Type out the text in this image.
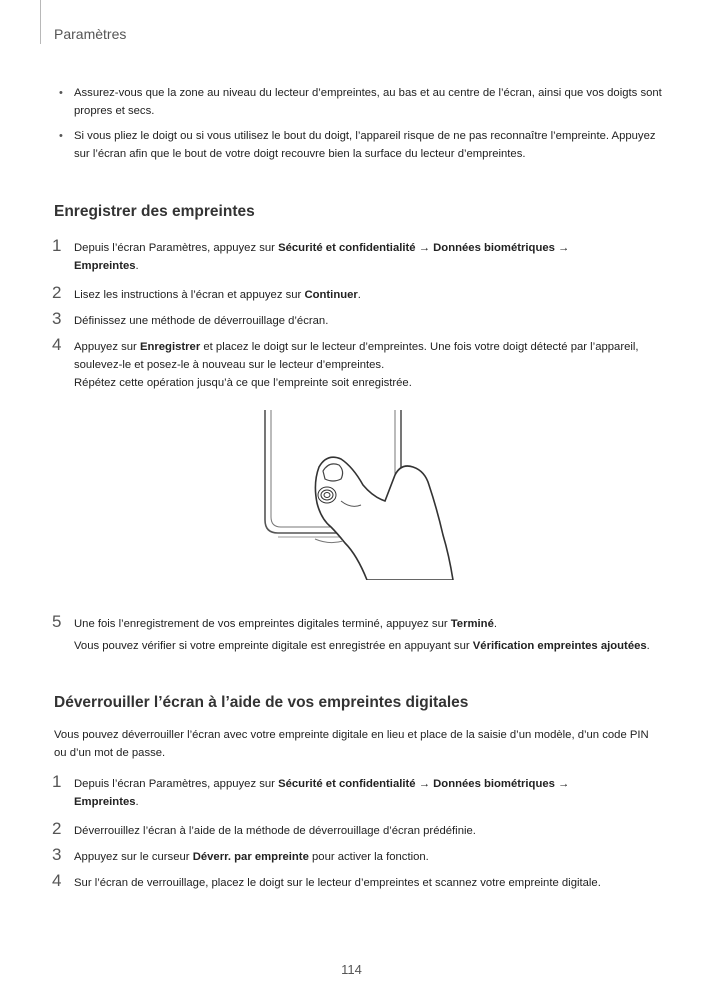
Paramètres
• Assurez-vous que la zone au niveau du lecteur d’empreintes, au bas et au centre de l’écran, ainsi que vos doigts sont propres et secs.
• Si vous pliez le doigt ou si vous utilisez le bout du doigt, l’appareil risque de ne pas reconnaître l’empreinte. Appuyez sur l’écran afin que le bout de votre doigt recouvre bien la surface du lecteur d’empreintes.
Enregistrer des empreintes
1 Depuis l’écran Paramètres, appuyez sur Sécurité et confidentialité → Données biométriques →
Empreintes.

2 Lisez les instructions à l’écran et appuyez sur Continuer.

3 Définissez une méthode de déverrouillage d’écran.

4 Appuyez sur Enregistrer et placez le doigt sur le lecteur d’empreintes. Une fois votre doigt détecté par l’appareil, soulevez-le et posez-le à nouveau sur le lecteur d’empreintes.
Répétez cette opération jusqu’à ce que l’empreinte soit enregistrée.

5 Une fois l’enregistrement de vos empreintes digitales terminé, appuyez sur Terminé.

Vous pouvez vérifier si votre empreinte digitale est enregistrée en appuyant sur Vérification empreintes ajoutées.

Déverrouiller l’écran à l’aide de vos empreintes digitales

Vous pouvez déverrouiller l’écran avec votre empreinte digitale en lieu et place de la saisie d’un modèle, d’un code PIN ou d’un mot de passe.

1 Depuis l’écran Paramètres, appuyez sur Sécurité et confidentialité → Données biométriques →
Empreintes.

2 Déverrouillez l’écran à l’aide de la méthode de déverrouillage d’écran prédéfinie.

3 Appuyez sur le curseur Déverr. par empreinte pour activer la fonction.

4 Sur l’écran de verrouillage, placez le doigt sur le lecteur d’empreintes et scannez votre empreinte digitale.

114
